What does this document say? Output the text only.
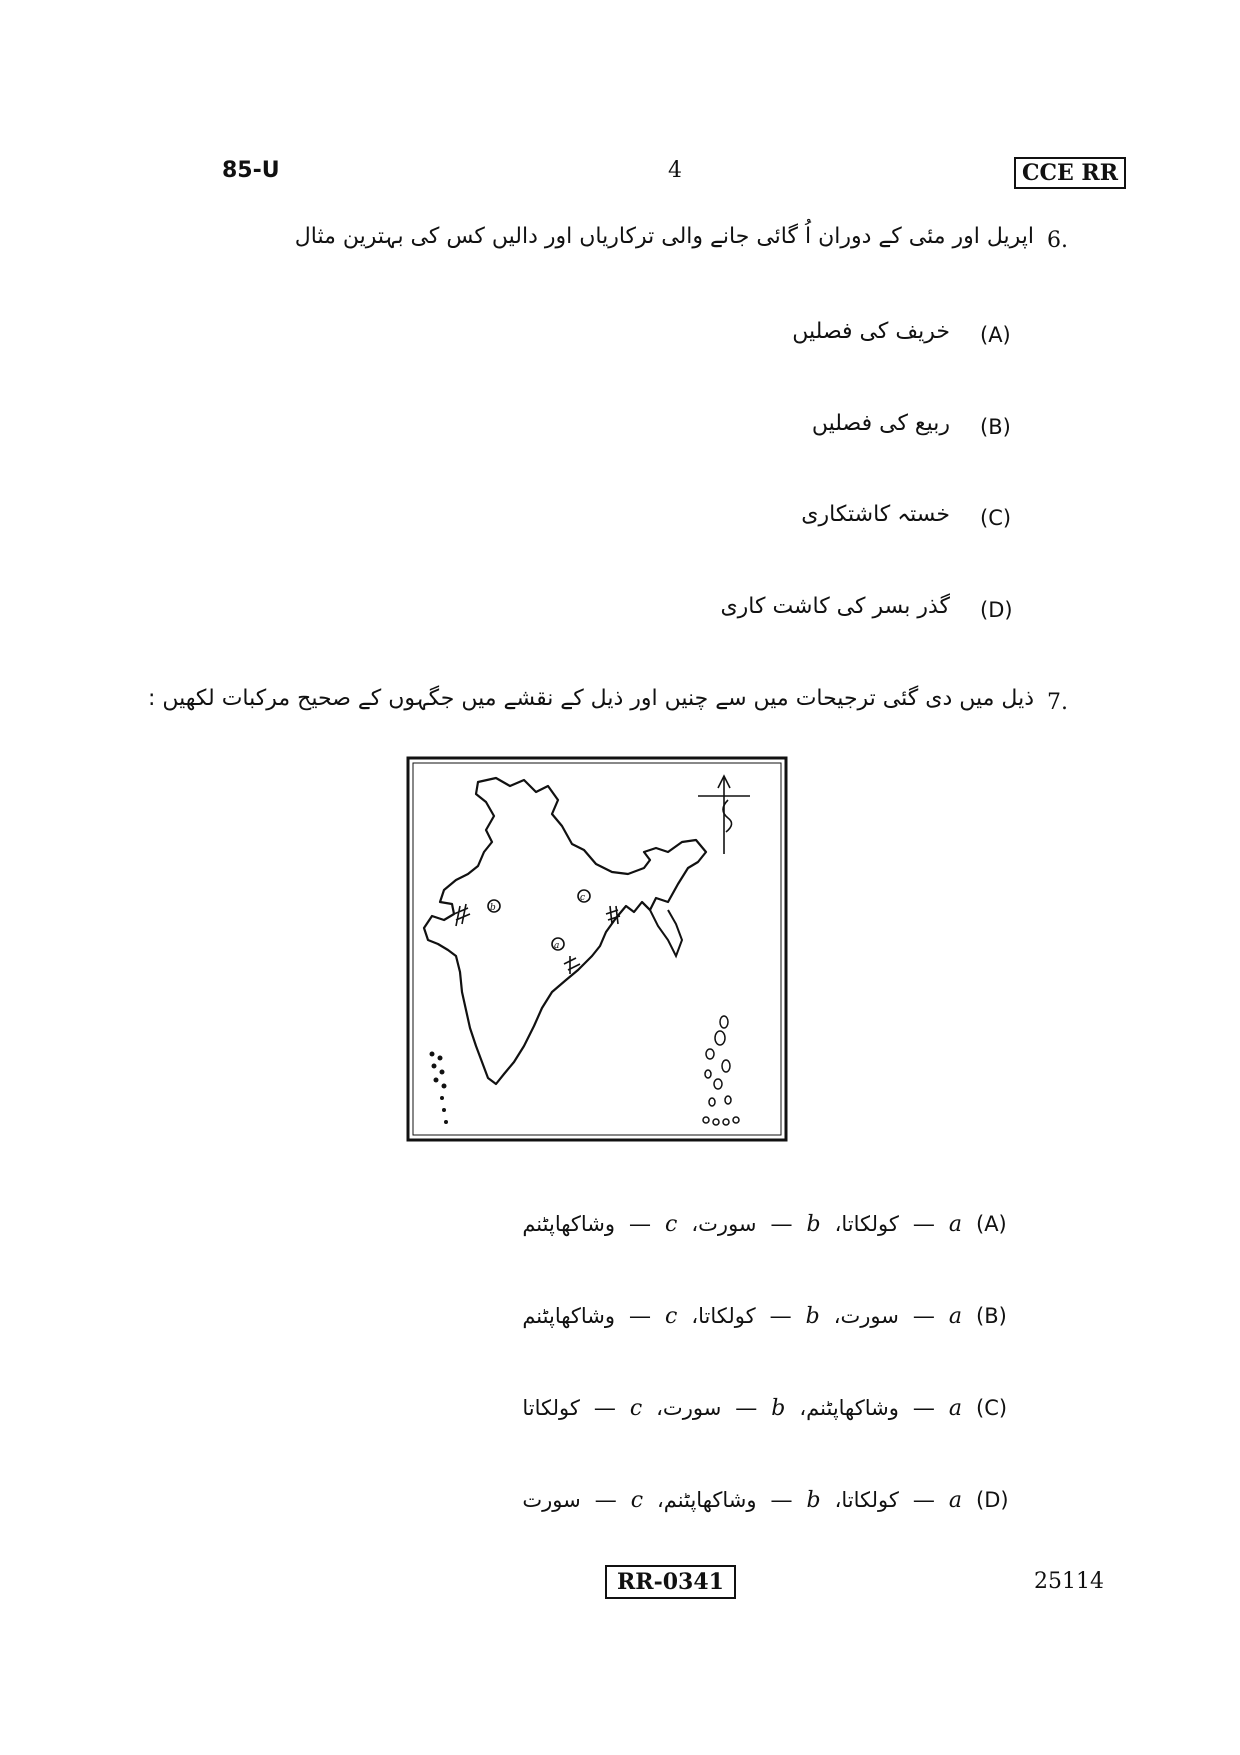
85-U	4	CCE RR
6.
اپریل اور مئی کے دوران اُ گائی جانے والی ترکاریاں اور دالیں کس کی بہترین مثال
(A)
خریف کی فصلیں
(B)
ربیع کی فصلیں
(C)
خستہ کاشتکاری
(D)
گذر بسر کی کاشت کاری
7.
ذیل میں دی گئی ترجیحات میں سے چنیں اور ذیل کے نقشے میں جگہوں کے صحیح مرکبات لکھیں :
b
c
a
(A)
a
—
کولکاتا،
b
—
سورت،
c
—
وشاکھاپٹنم
(B)
a
—
سورت،
b
—
کولکاتا،
c
—
وشاکھاپٹنم
(C)
a
—
وشاکھاپٹنم،
b
—
سورت،
c
—
کولکاتا
(D)
a
—
کولکاتا،
b
—
وشاکھاپٹنم،
c
—
سورت
RR-0341	25114
